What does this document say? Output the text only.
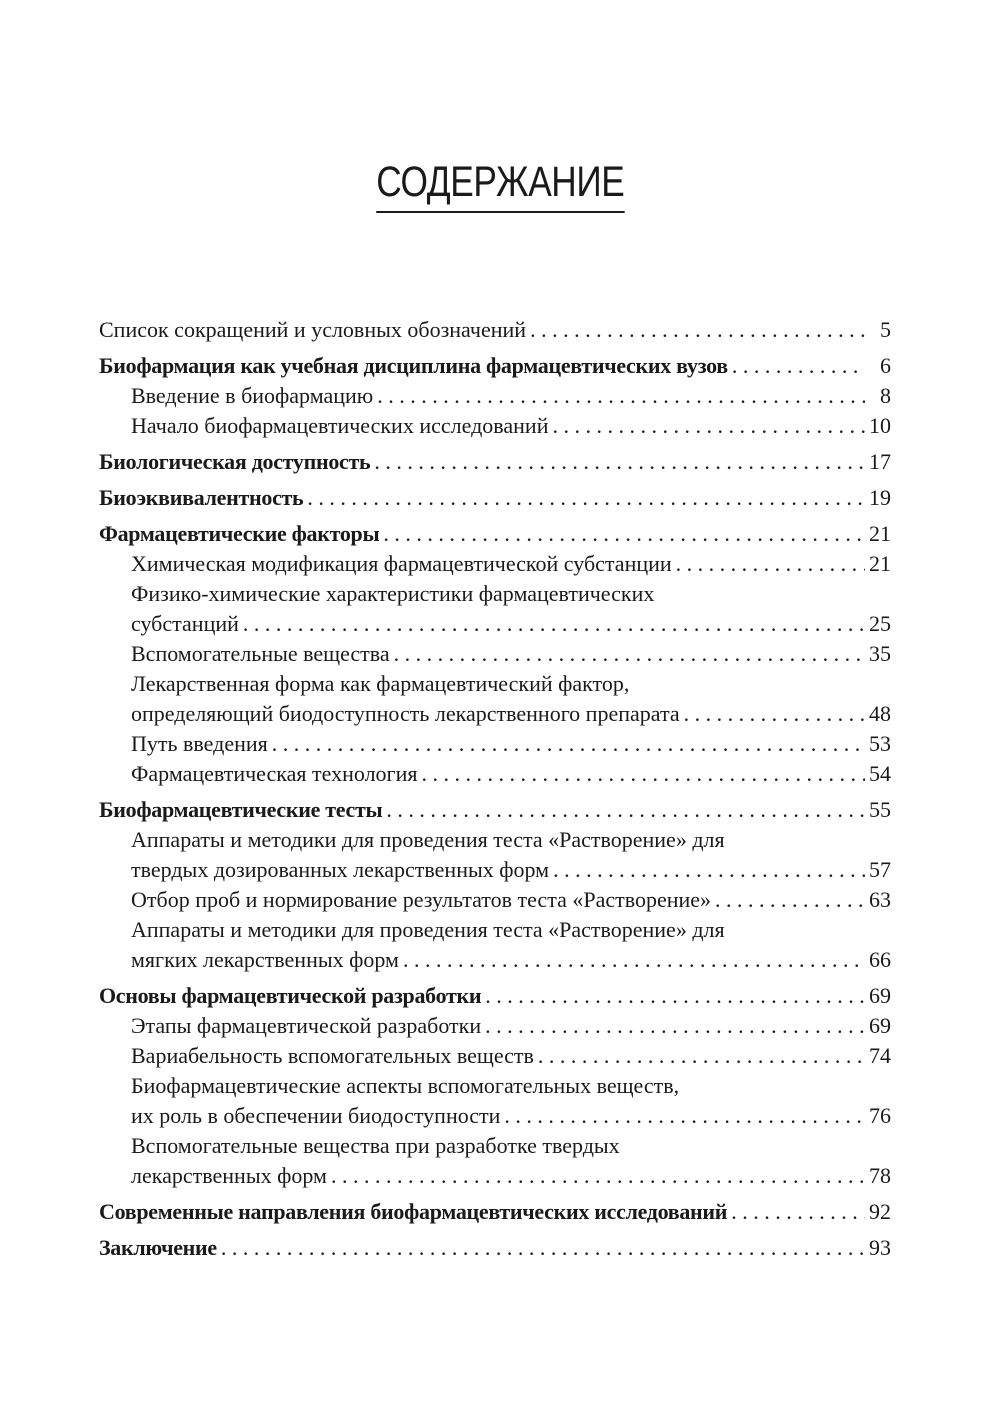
СОДЕРЖАНИЕ
Список сокращений и условных обозначений . . .	5
Биофармация как учебная дисциплина фармацевтических вузов . . .	6
Введение в биофармацию . . .	8
Начало биофармацевтических исследований . . .	10
Биологическая доступность . . .	17
Биоэквивалентность . . .	19
Фармацевтические факторы . . .	21
Химическая модификация фармацевтической субстанции . . .	21
Физико-химические характеристики фармацевтических
субстанций . . .	25
Вспомогательные вещества . . .	35
Лекарственная форма как фармацевтический фактор,
определяющий биодоступность лекарственного препарата . . .	48
Путь введения . . .	53
Фармацевтическая технология . . .	54
Биофармацевтические тесты . . .	55
Аппараты и методики для проведения теста «Растворение» для
твердых дозированных лекарственных форм . . .	57
Отбор проб и нормирование результатов теста «Растворение» . . .	63
Аппараты и методики для проведения теста «Растворение» для
мягких лекарственных форм . . .	66
Основы фармацевтической разработки . . .	69
Этапы фармацевтической разработки . . .	69
Вариабельность вспомогательных веществ . . .	74
Биофармацевтические аспекты вспомогательных веществ,
их роль в обеспечении биодоступности . . .	76
Вспомогательные вещества при разработке твердых
лекарственных форм . . .	78
Современные направления биофармацевтических исследований . . .	92
Заключение . . .	93
